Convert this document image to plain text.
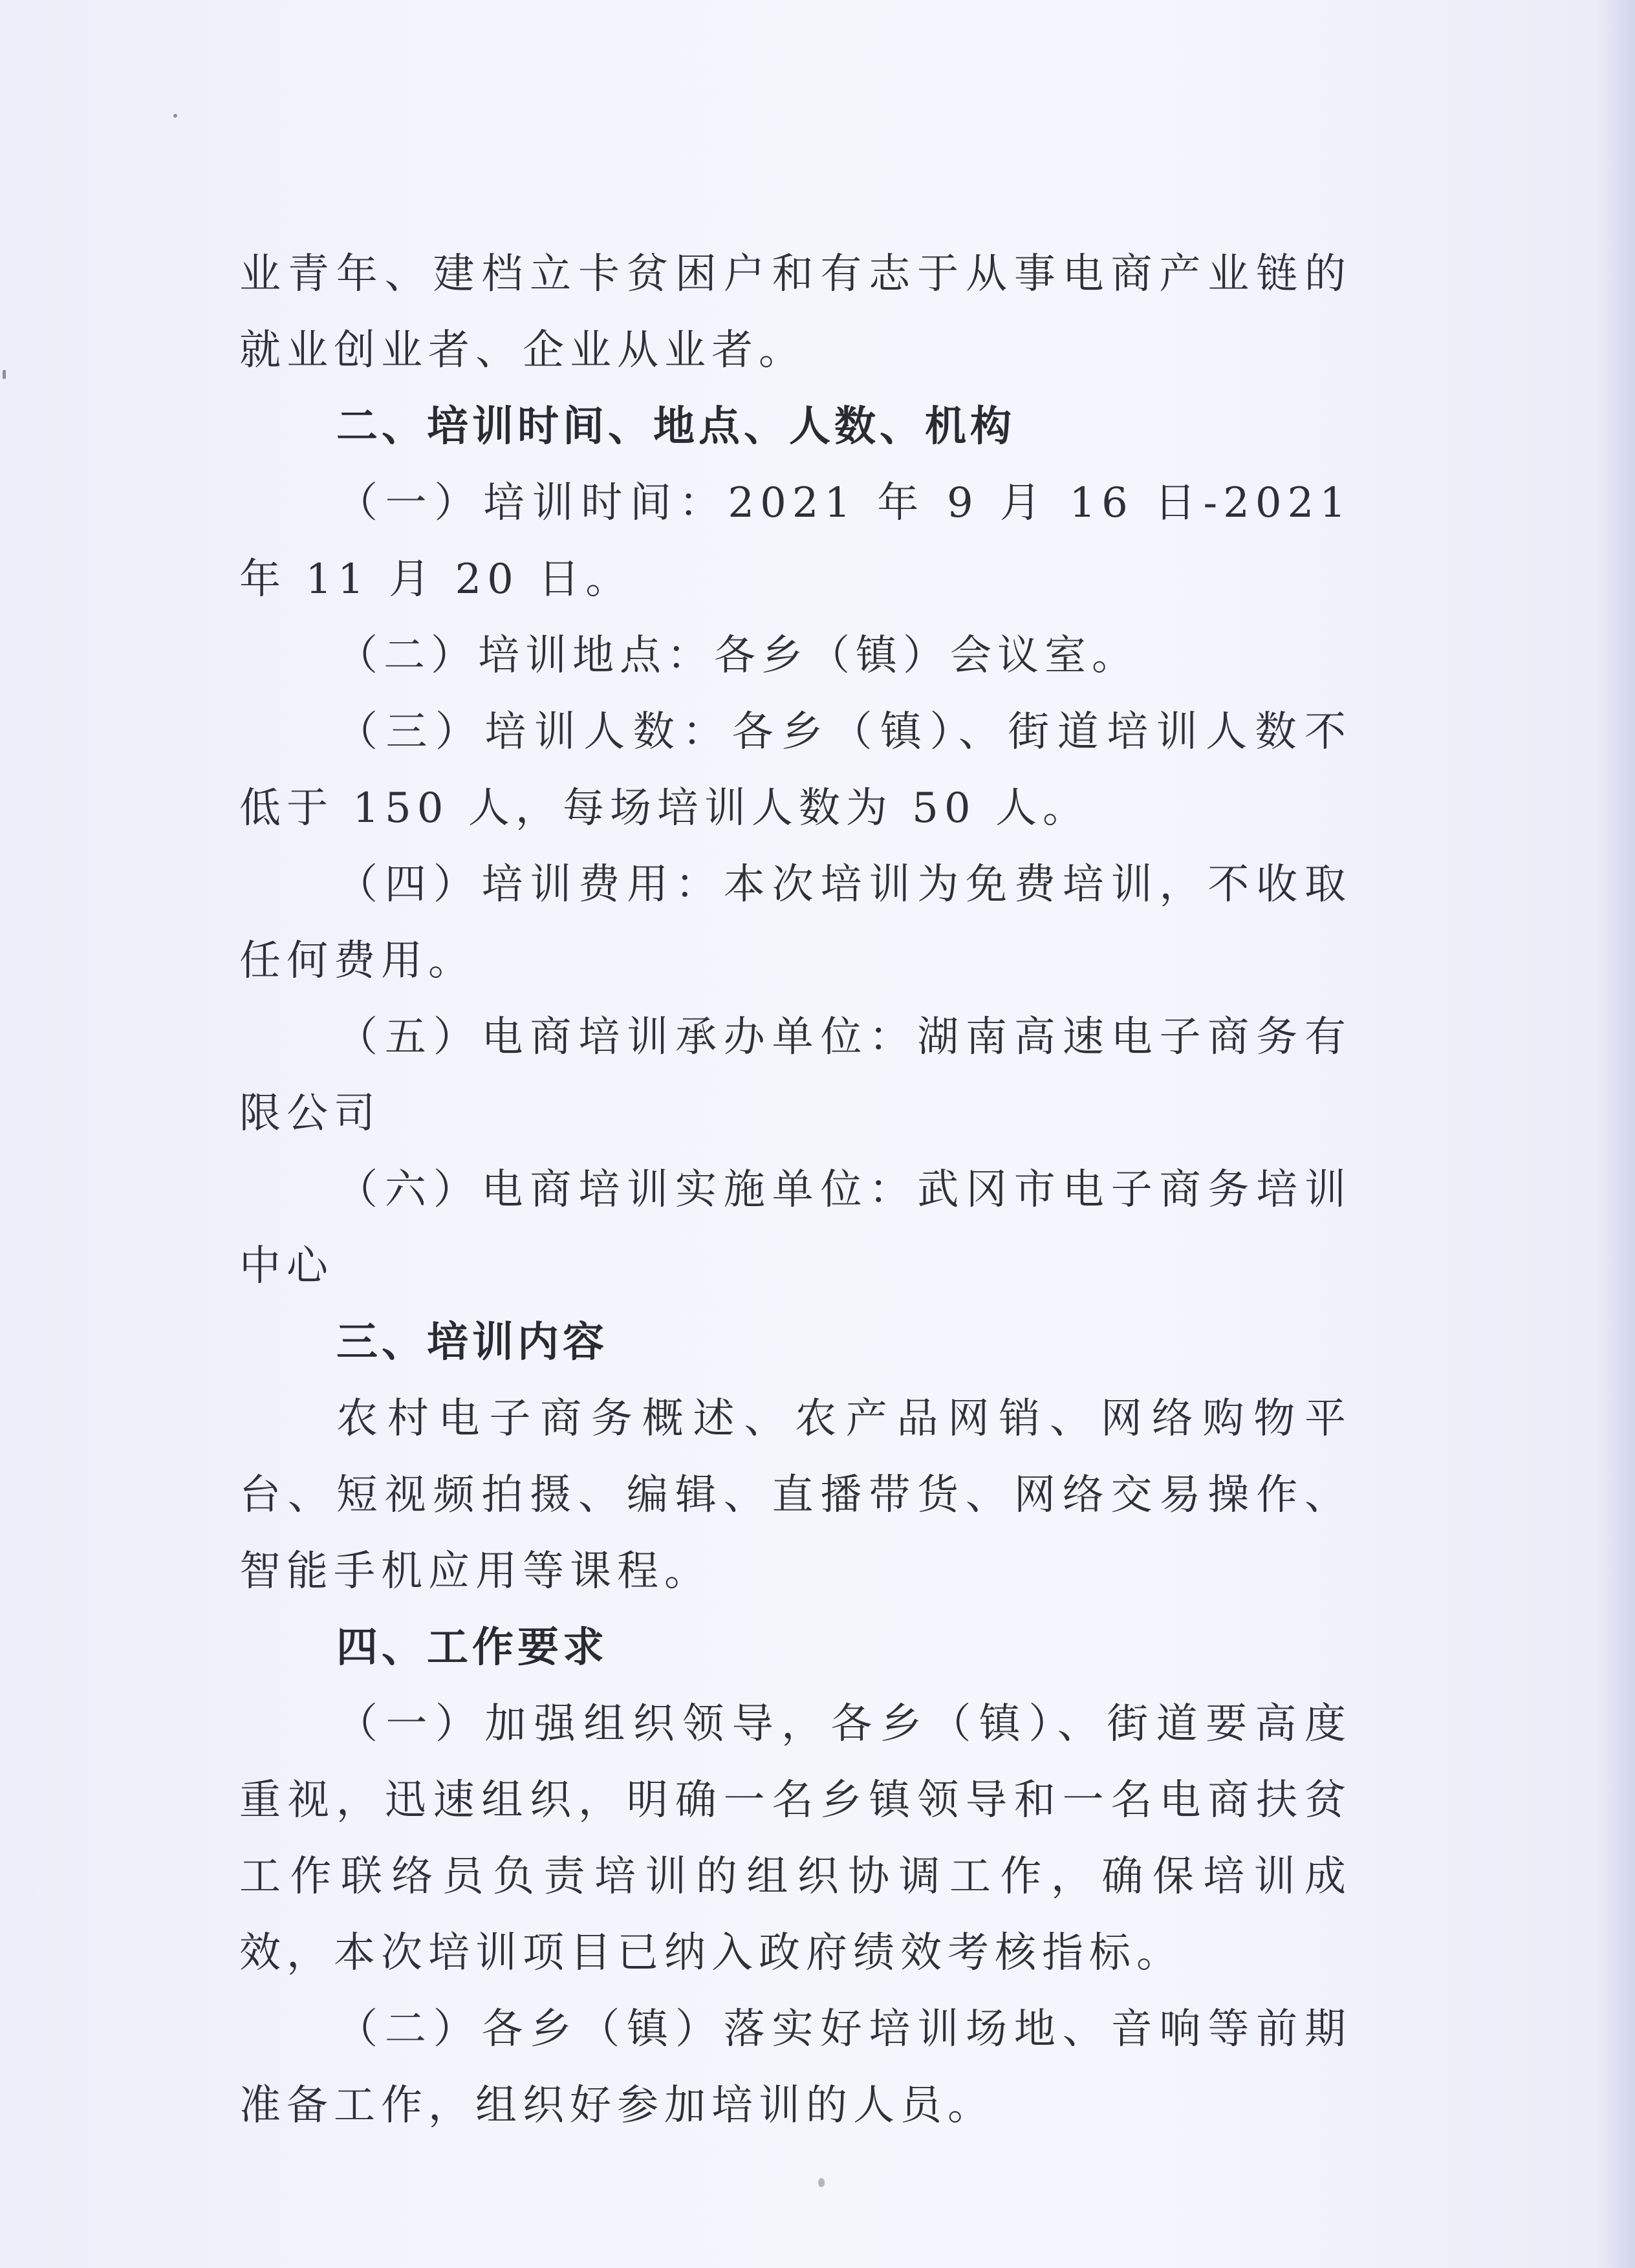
业青年、建档立卡贫困户和有志于从事电商产业链的就业创业者、企业从业者。

二、培训时间、地点、人数、机构

（一）培训时间：2021 年 9 月 16 日-2021 年 11 月 20 日。

（二）培训地点：各乡（镇）会议室。

（三）培训人数：各乡（镇）、街道培训人数不低于 150 人，每场培训人数为 50 人。

（四）培训费用：本次培训为免费培训，不收取任何费用。

（五）电商培训承办单位：湖南高速电子商务有限公司

（六）电商培训实施单位：武冈市电子商务培训中心

三、培训内容

农村电子商务概述、农产品网销、网络购物平台、短视频拍摄、编辑、直播带货、网络交易操作、智能手机应用等课程。

四、工作要求

（一）加强组织领导，各乡（镇）、街道要高度重视，迅速组织，明确一名乡镇领导和一名电商扶贫工作联络员负责培训的组织协调工作，确保培训成效，本次培训项目已纳入政府绩效考核指标。

（二）各乡（镇）落实好培训场地、音响等前期准备工作，组织好参加培训的人员。
